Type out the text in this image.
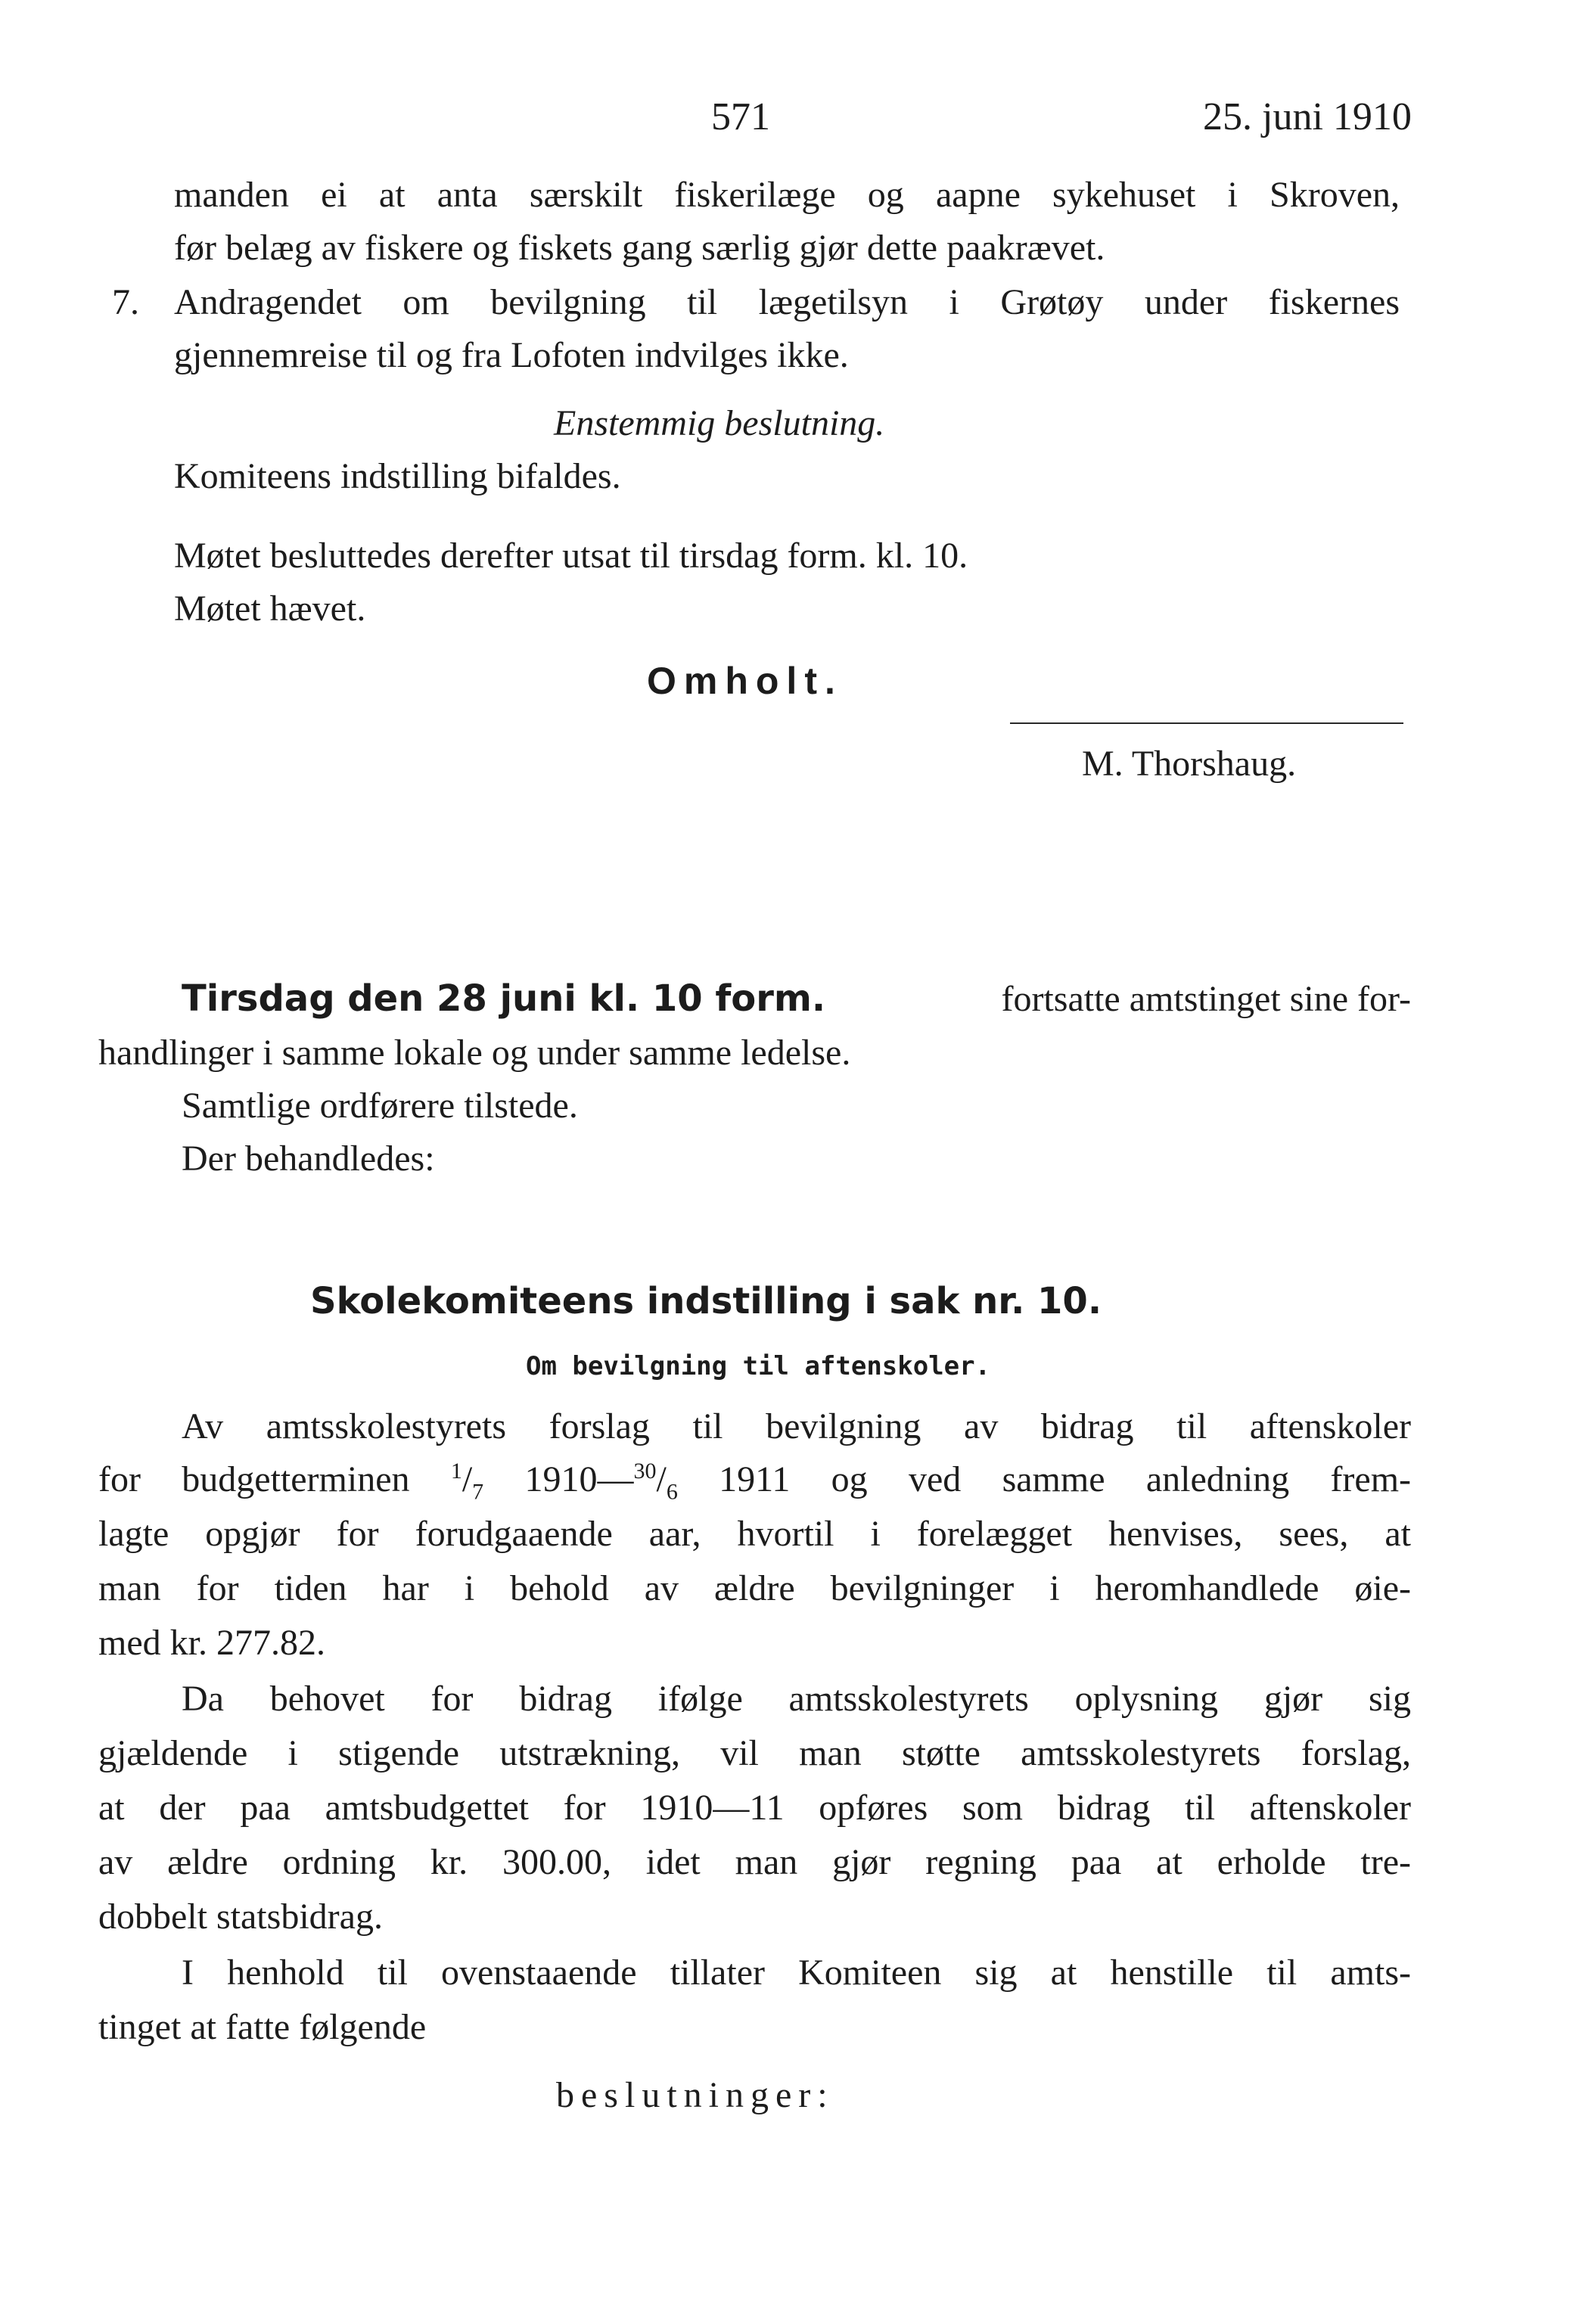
571	25. juni 1910
manden ei at anta særskilt fiskerilæge og aapne sykehuset i Skroven,
før belæg av fiskere og fiskets gang særlig gjør dette paakrævet.
7. Andragendet om bevilgning til lægetilsyn i Grøtøy under fiskernes
gjennemreise til og fra Lofoten indvilges ikke.
Enstemmig beslutning.
Komiteens indstilling bifaldes.
Møtet besluttedes derefter utsat til tirsdag form. kl. 10.
Møtet hævet.
Omholt.
M. Thorshaug.
Tirsdag den 28 juni kl. 10 form.	fortsatte amtstinget sine for-
handlinger i samme lokale og under samme ledelse.
Samtlige ordførere tilstede.
Der behandledes:
Skolekomiteens indstilling i sak nr. 10.
Om bevilgning til aftenskoler.
Av amtsskolestyrets forslag til bevilgning av bidrag til aftenskoler
for budgetterminen $^1/_7$ $1910—^{30}/_6$ 1911 og ved samme anledning frem-
lagte opgjør for forudgaaende aar, hvortil i forelægget henvises, sees, at
man for tiden har i behold av ældre bevilgninger i heromhandlede øie-
med kr. 277.82.
Da behovet for bidrag ifølge amtsskolestyrets oplysning gjør sig
gjældende i stigende utstrækning, vil man støtte amtsskolestyrets forslag,
at der paa amtsbudgettet for 1910—11 opføres som bidrag til aftenskoler
av ældre ordning kr. 300.00, idet man gjør regning paa at erholde tre-
dobbelt statsbidrag.
I henhold til ovenstaaende tillater Komiteen sig at henstille til amts-
tinget at fatte følgende
beslutninger:
